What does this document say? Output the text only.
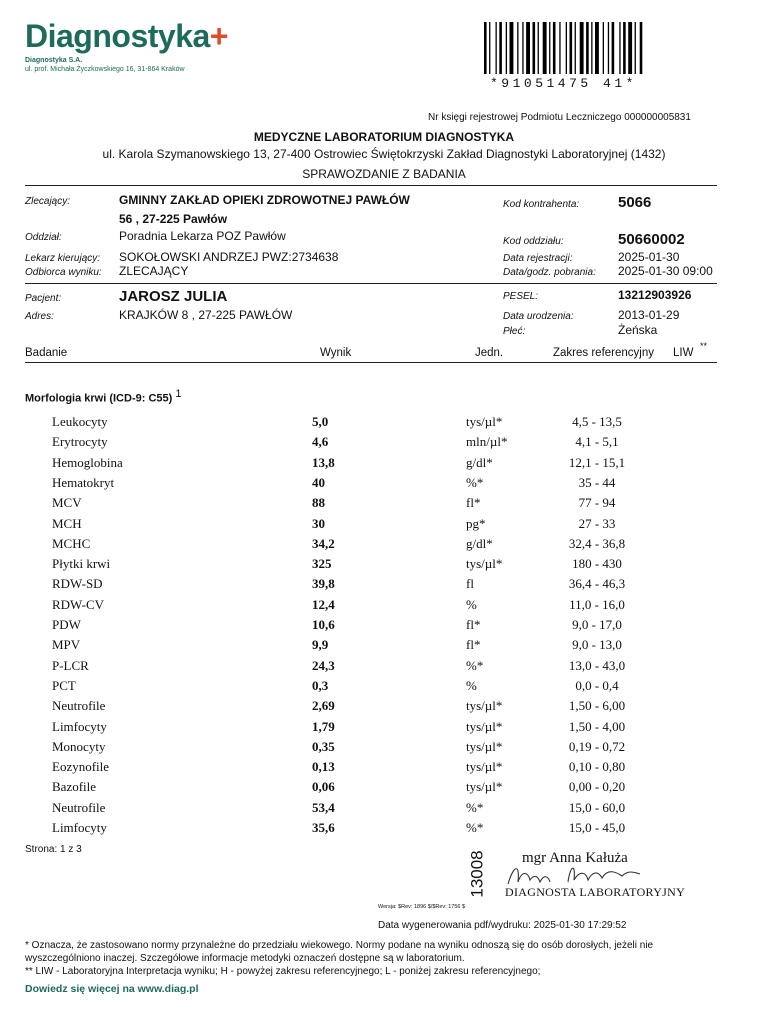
Diagnostyka+
Diagnostyka S.A.
ul. prof. Michała Życzkowskiego 16, 31-864 Kraków
*91051475 41*
Nr księgi rejestrowej Podmiotu Leczniczego 000000005831
MEDYCZNE LABORATORIUM DIAGNOSTYKA
ul. Karola Szymanowskiego 13, 27-400 Ostrowiec Świętokrzyski Zakład Diagnostyki Laboratoryjnej (1432)
SPRAWOZDANIE Z BADANIA
Zlecający:	GMINNY ZAKŁAD OPIEKI ZDROWOTNEJ PAWŁÓW
56 , 27-225 Pawłów
Kod kontrahenta:	5066
Oddział:	Poradnia Lekarza POZ Pawłów	Kod oddziału:	50660002
Lekarz kierujący: SOKOŁOWSKI ANDRZEJ PWZ:2734638	Data rejestracji:	2025-01-30
Odbiorca wyniku: ZLECAJĄCY	Data/godz. pobrania: 2025-01-30 09:00
Pacjent:	JAROSZ JULIA	PESEL:	13212903926
Adres:	KRAJKÓW 8 , 27-225 PAWŁÓW	Data urodzenia:	2013-01-29
Płeć:	Żeńska
Badanie	Wynik	Jedn.	Zakres referencyjny LIW
**
Morfologia krwi (ICD-9: C55) $^1$
Leukocyty	5,0	tys/µl*	4,5 - 13,5
Erytrocyty	4,6	mln/µl*	4,1 - 5,1
Hemoglobina	13,8	g/dl*	12,1 - 15,1
Hematokryt	40	%*	35 - 44
MCV	88	fl*	77 - 94
MCH	30	pg*	27 - 33
MCHC	34,2	g/dl*	32,4 - 36,8
Płytki krwi	325	tys/µl*	180 - 430
RDW-SD	39,8	fl	36,4 - 46,3
RDW-CV	12,4	%	11,0 - 16,0
PDW	10,6	fl*	9,0 - 17,0
MPV	9,9	fl*	9,0 - 13,0
P-LCR	24,3	%*	13,0 - 43,0
PCT	0,3	%	0,0 - 0,4
Neutrofile	2,69	tys/µl*	1,50 - 6,00
Limfocyty	1,79	tys/µl*	1,50 - 4,00
Monocyty	0,35	tys/µl*	0,19 - 0,72
Eozynofile	0,13	tys/µl*	0,10 - 0,80
Bazofile	0,06	tys/µl*	0,00 - 0,20
Neutrofile	53,4	%*	15,0 - 60,0
Limfocyty	35,6	%*	15,0 - 45,0
Strona: 1 z 3
13008 mgr Anna Kałuża
DIAGNOSTA LABORATORYJNY
Wersja: $Rev: 1896 $/$Rev: 1756 $
Data wygenerowania pdf/wydruku: 2025-01-30 17:29:52
* Oznacza, że zastosowano normy przynależne do przedziału wiekowego. Normy podane na wyniku odnoszą się do osób dorosłych, jeżeli nie
wyszczególniono inaczej. Szczegółowe informacje metodyki oznaczeń dostępne są w laboratorium.
** LIW - Laboratoryjna Interpretacja wyniku; H - powyżej zakresu referencyjnego; L - poniżej zakresu referencyjnego;
Dowiedz się więcej na www.diag.pl
